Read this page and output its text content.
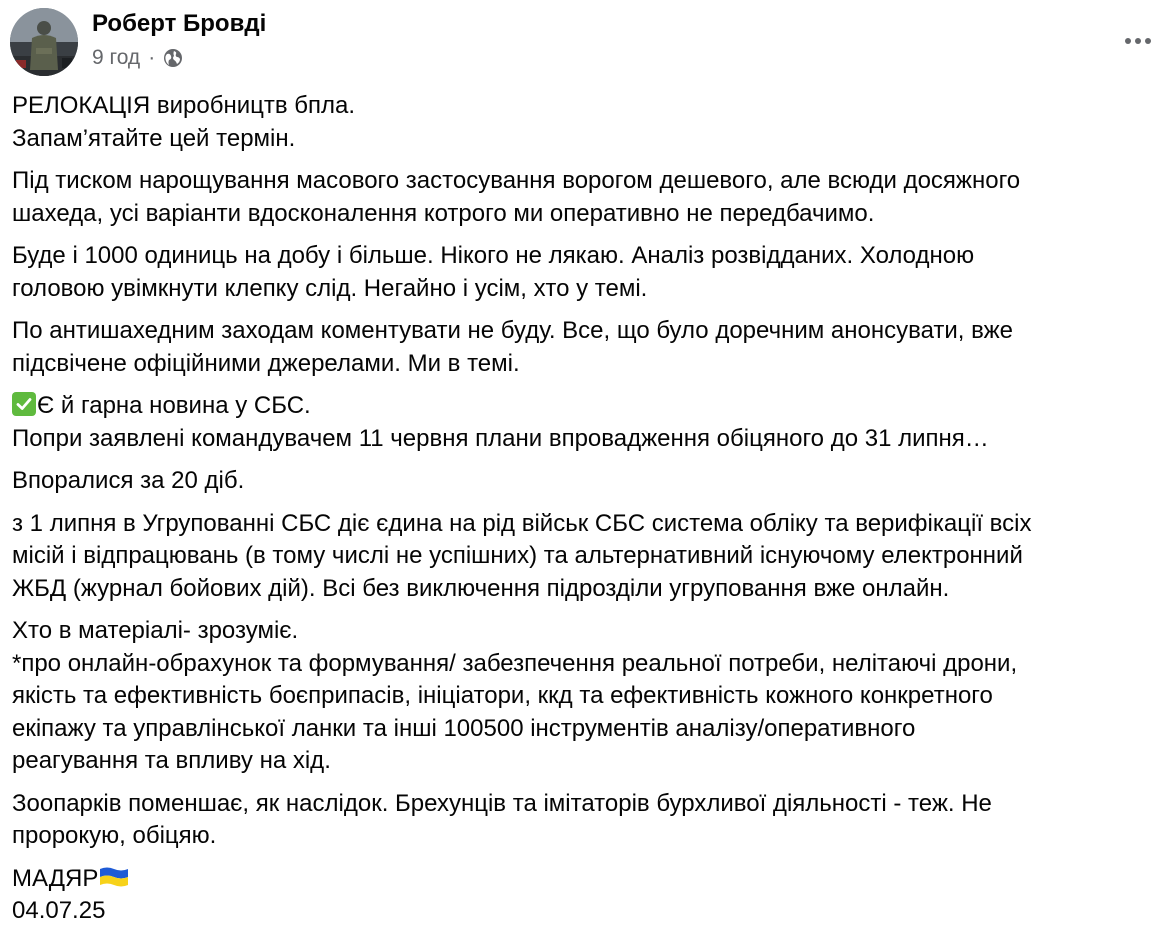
Роберт Бровді
9 год ·
РЕЛОКАЦІЯ виробництв бпла.
Запам’ятайте цей термін.
Під тиском нарощування масового застосування ворогом дешевого, але всюди досяжного
шахеда, усі варіанти вдосконалення котрого ми оперативно не передбачимо.
Буде і 1000 одиниць на добу і більше. Нікого не лякаю. Аналіз розвідданих. Холодною
головою увімкнути клепку слід. Негайно і усім, хто у темі.
По антишахедним заходам коментувати не буду. Все, що було доречним анонсувати, вже
підсвічене офіційними джерелами. Ми в темі.
Є й гарна новина у СБС.
Попри заявлені командувачем 11 червня плани впровадження обіцяного до 31 липня…
Впоралися за 20 діб.
з 1 липня в Угрупованні СБС діє єдина на рід військ СБС система обліку та верифікації всіх
місій і відпрацювань (в тому числі не успішних) та альтернативний існуючому електронний
ЖБД (журнал бойових дій). Всі без виключення підрозділи угруповання вже онлайн.
Хто в матеріалі- зрозуміє.
*про онлайн-обрахунок та формування/ забезпечення реальної потреби, нелітаючі дрони,
якість та ефективність боєприпасів, ініціатори, ккд та ефективність кожного конкретного
екіпажу та управлінської ланки та інші 100500 інструментів аналізу/оперативного
реагування та впливу на хід.
Зоопарків поменшає, як наслідок. Брехунців та імітаторів бурхливої діяльності - теж. Не
пророкую, обіцяю.
МАДЯР
04.07.25
